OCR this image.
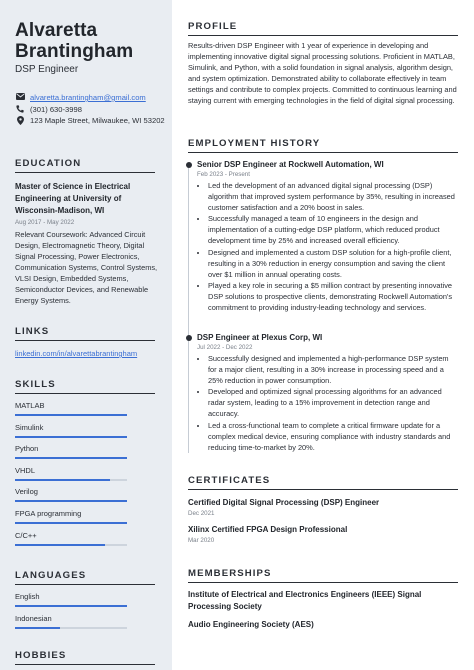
Alvaretta
Brantingham
DSP Engineer
alvaretta.brantingham@gmail.com
(301) 630-3998
123 Maple Street, Milwaukee, WI 53202
EDUCATION
Master of Science in Electrical Engineering at University of Wisconsin-Madison, WI
Aug 2017 - May 2022
Relevant Coursework: Advanced Circuit Design, Electromagnetic Theory, Digital Signal Processing, Power Electronics, Communication Systems, Control Systems, VLSI Design, Embedded Systems, Semiconductor Devices, and Renewable Energy Systems.
LINKS
linkedin.com/in/alvarettabrantingham
SKILLS
MATLAB
Simulink
Python
VHDL
Verilog
FPGA programming
C/C++
LANGUAGES
English
Indonesian
HOBBIES
PROFILE
Results-driven DSP Engineer with 1 year of experience in developing and implementing innovative digital signal processing solutions. Proficient in MATLAB, Simulink, and Python, with a solid foundation in signal analysis, algorithm design, and system optimization. Demonstrated ability to collaborate effectively in team settings and contribute to complex projects. Committed to continuous learning and staying current with emerging technologies in the field of digital signal processing.
EMPLOYMENT HISTORY
Senior DSP Engineer at Rockwell Automation, WI
Feb 2023 - Present
• Led the development of an advanced digital signal processing (DSP) algorithm that improved system performance by 35%, resulting in increased customer satisfaction and a 20% boost in sales.
• Successfully managed a team of 10 engineers in the design and implementation of a cutting-edge DSP platform, which reduced product development time by 25% and increased overall efficiency.
• Designed and implemented a custom DSP solution for a high-profile client, resulting in a 30% reduction in energy consumption and saving the client over $1 million in annual operating costs.
• Played a key role in securing a $5 million contract by presenting innovative DSP solutions to prospective clients, demonstrating Rockwell Automation's commitment to providing industry-leading technology and services.
DSP Engineer at Plexus Corp, WI
Jul 2022 - Dec 2022
• Successfully designed and implemented a high-performance DSP system for a major client, resulting in a 30% increase in processing speed and a 25% reduction in power consumption.
• Developed and optimized signal processing algorithms for an advanced radar system, leading to a 15% improvement in detection range and accuracy.
• Led a cross-functional team to complete a critical firmware update for a complex medical device, ensuring compliance with industry standards and reducing time-to-market by 20%.
CERTIFICATES
Certified Digital Signal Processing (DSP) Engineer
Dec 2021
Xilinx Certified FPGA Design Professional
Mar 2020
MEMBERSHIPS
Institute of Electrical and Electronics Engineers (IEEE) Signal Processing Society
Audio Engineering Society (AES)
